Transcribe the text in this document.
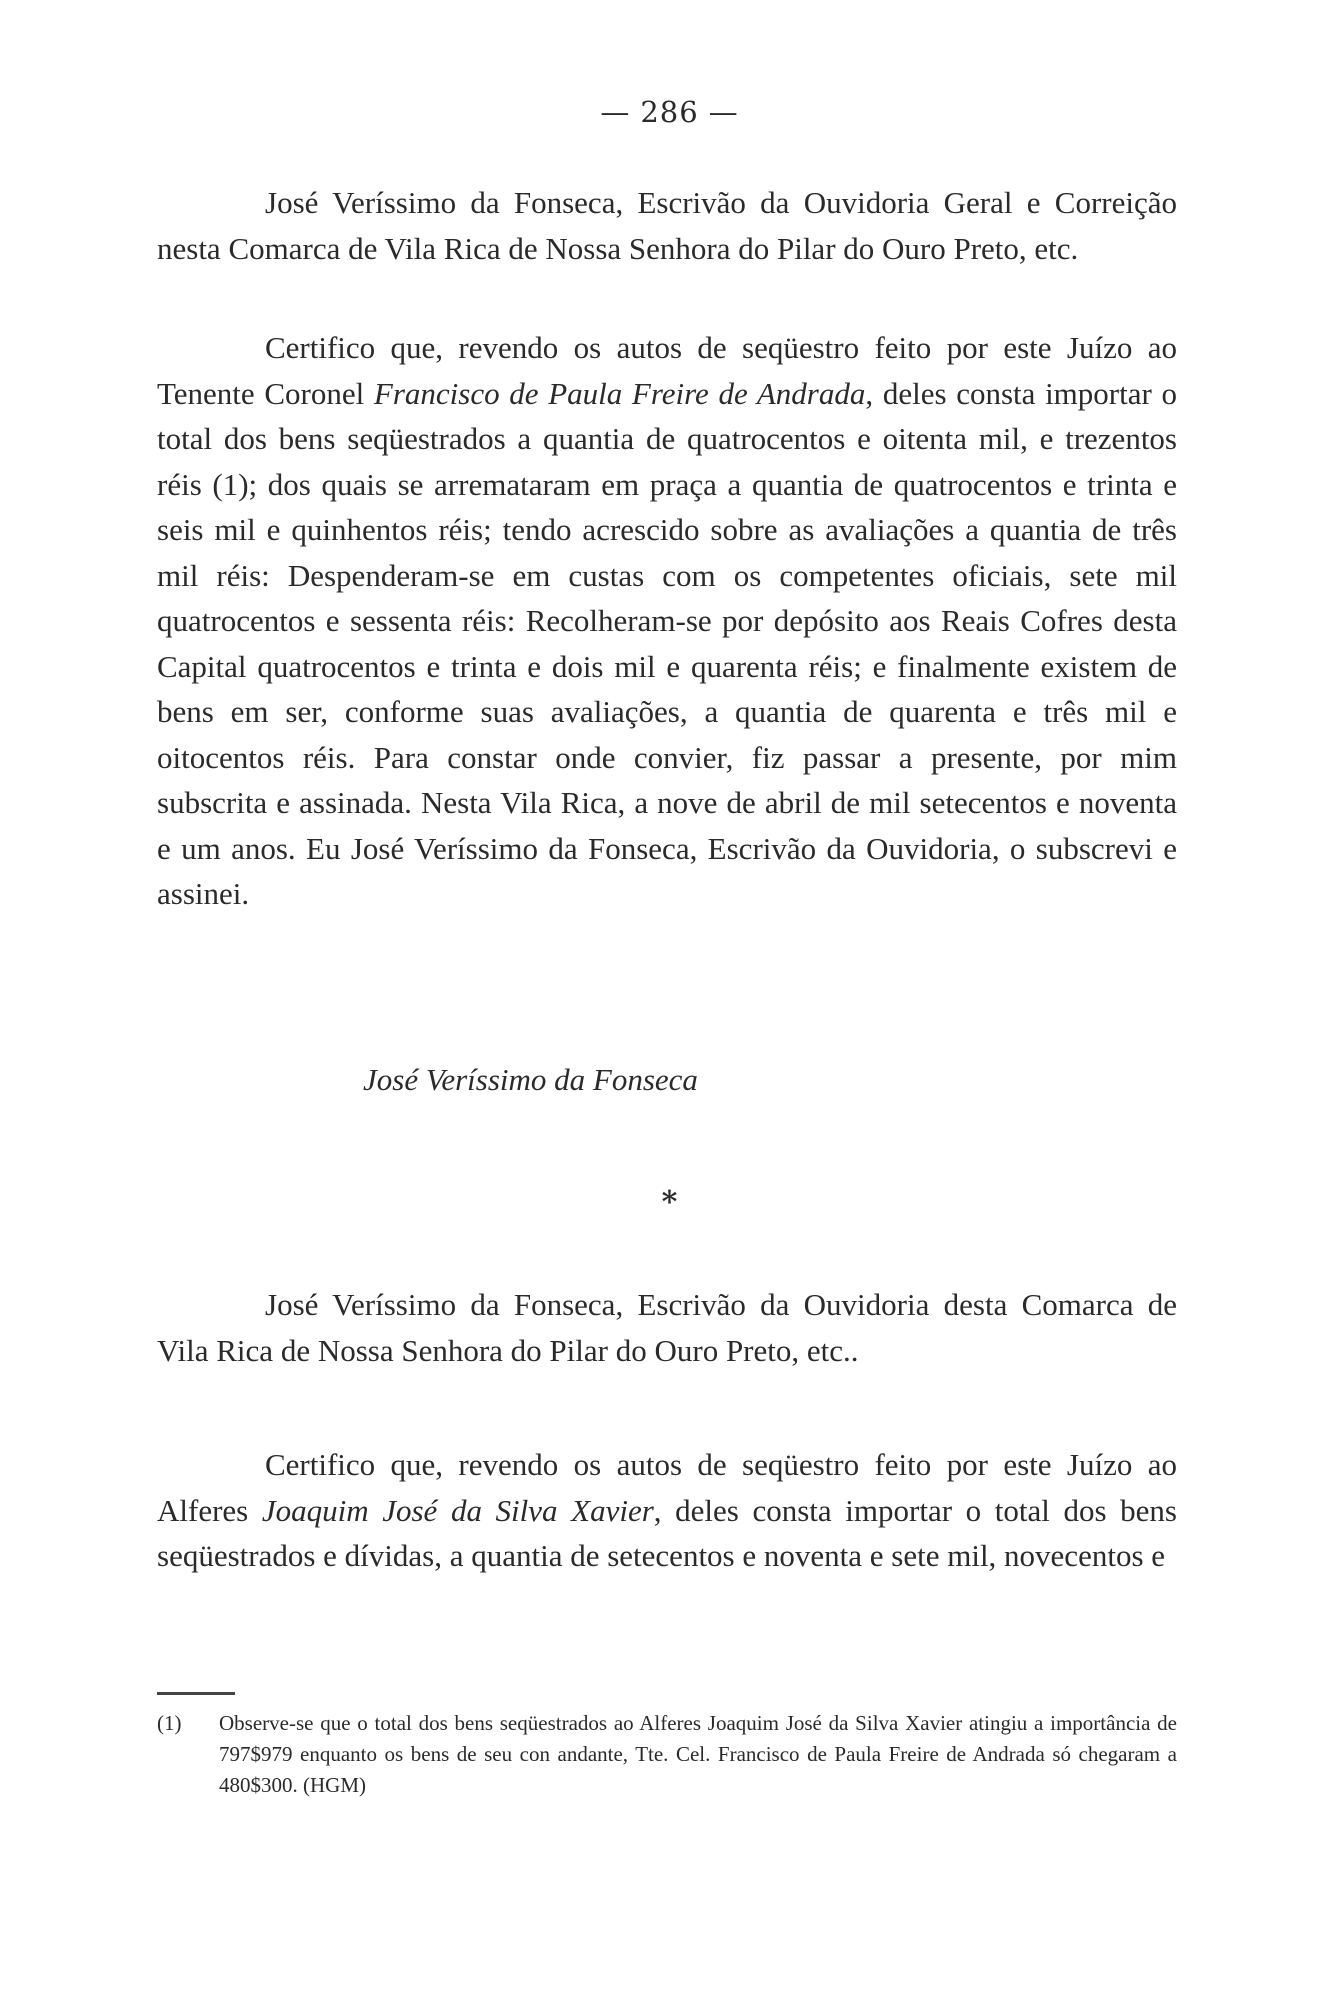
— 286 —
José Veríssimo da Fonseca, Escrivão da Ouvidoria Geral e Correição nesta Comarca de Vila Rica de Nossa Senhora do Pilar do Ouro Preto, etc.

Certifico que, revendo os autos de seqüestro feito por este Juízo ao Tenente Coronel Francisco de Paula Freire de Andrada, deles consta importar o total dos bens seqüestrados a quantia de quatrocentos e oitenta mil, e trezentos réis (1); dos quais se arremataram em praça a quantia de quatrocentos e trinta e seis mil e quinhentos réis; tendo acrescido sobre as avaliações a quantia de três mil réis: Despenderam-se em custas com os competentes oficiais, sete mil quatrocentos e sessenta réis: Recolheram-se por depósito aos Reais Cofres desta Capital quatrocentos e trinta e dois mil e quarenta réis; e finalmente existem de bens em ser, conforme suas avaliações, a quantia de quarenta e três mil e oitocentos réis. Para constar onde convier, fiz passar a presente, por mim subscrita e assinada. Nesta Vila Rica, a nove de abril de mil setecentos e noventa e um anos. Eu José Veríssimo da Fonseca, Escrivão da Ouvidoria, o subscrevi e assinei.

José Veríssimo da Fonseca
*
José Veríssimo da Fonseca, Escrivão da Ouvidoria desta Comarca de Vila Rica de Nossa Senhora do Pilar do Ouro Preto, etc..

Certifico que, revendo os autos de seqüestro feito por este Juízo ao Alferes Joaquim José da Silva Xavier, deles consta importar o total dos bens seqüestrados e dívidas, a quantia de setecentos e noventa e sete mil, novecentos e

(1)	Observe-se que o total dos bens seqüestrados ao Alferes Joaquim José da Silva Xavier atingiu a importância de 797$979 enquanto os bens de seu con andante, Tte. Cel. Francisco de Paula Freire de Andrada só chegaram a 480$300. (HGM)
